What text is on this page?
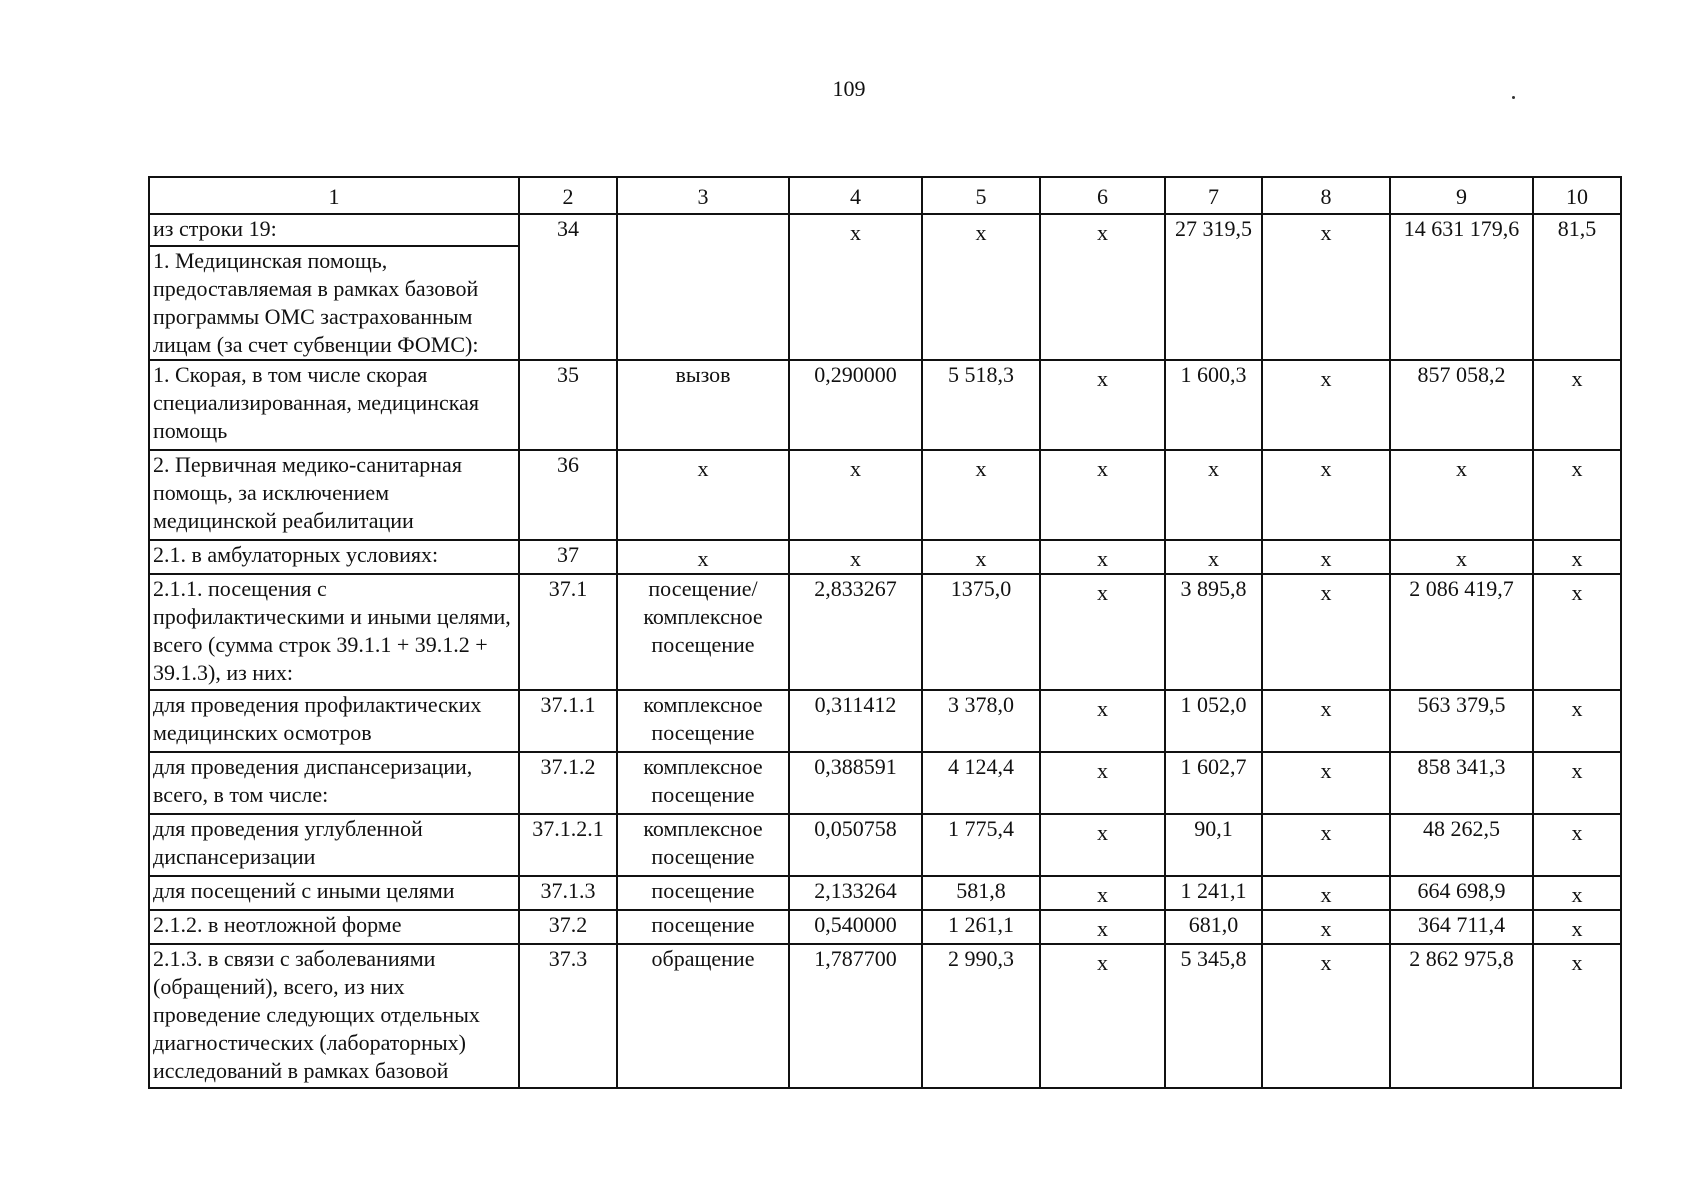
109
1	2	3	4	5	6	7	8	9	10
из строки 19:	34		x	x	x	27 319,5	x	14 631 179,6	81,5
1. Медицинская помощь, предоставляемая в рамках базовой программы ОМС застрахованным лицам (за счет субвенции ФОМС):									
1. Скорая, в том числе скорая специализированная, медицинская помощь	35	вызов	0,290000	5 518,3	x	1 600,3	x	857 058,2	x
2. Первичная медико-санитарная помощь, за исключением медицинской реабилитации	36	x	x	x	x	x	x	x	x
2.1. в амбулаторных условиях:	37	x	x	x	x	x	x	x	x
2.1.1. посещения с профилактическими и иными целями, всего (сумма строк 39.1.1 + 39.1.2 + 39.1.3), из них:	37.1	посещение/ комплексное посещение	2,833267	1375,0	x	3 895,8	x	2 086 419,7	x
для проведения профилактических медицинских осмотров	37.1.1	комплексное посещение	0,311412	3 378,0	x	1 052,0	x	563 379,5	x
для проведения диспансеризации, всего, в том числе:	37.1.2	комплексное посещение	0,388591	4 124,4	x	1 602,7	x	858 341,3	x
для проведения углубленной диспансеризации	37.1.2.1	комплексное посещение	0,050758	1 775,4	x	90,1	x	48 262,5	x
для посещений с иными целями	37.1.3	посещение	2,133264	581,8	x	1 241,1	x	664 698,9	x
2.1.2. в неотложной форме	37.2	посещение	0,540000	1 261,1	x	681,0	x	364 711,4	x
2.1.3. в связи с заболеваниями (обращений), всего, из них проведение следующих отдельных диагностических (лабораторных) исследований в рамках базовой	37.3	обращение	1,787700	2 990,3	x	5 345,8	x	2 862 975,8	x
